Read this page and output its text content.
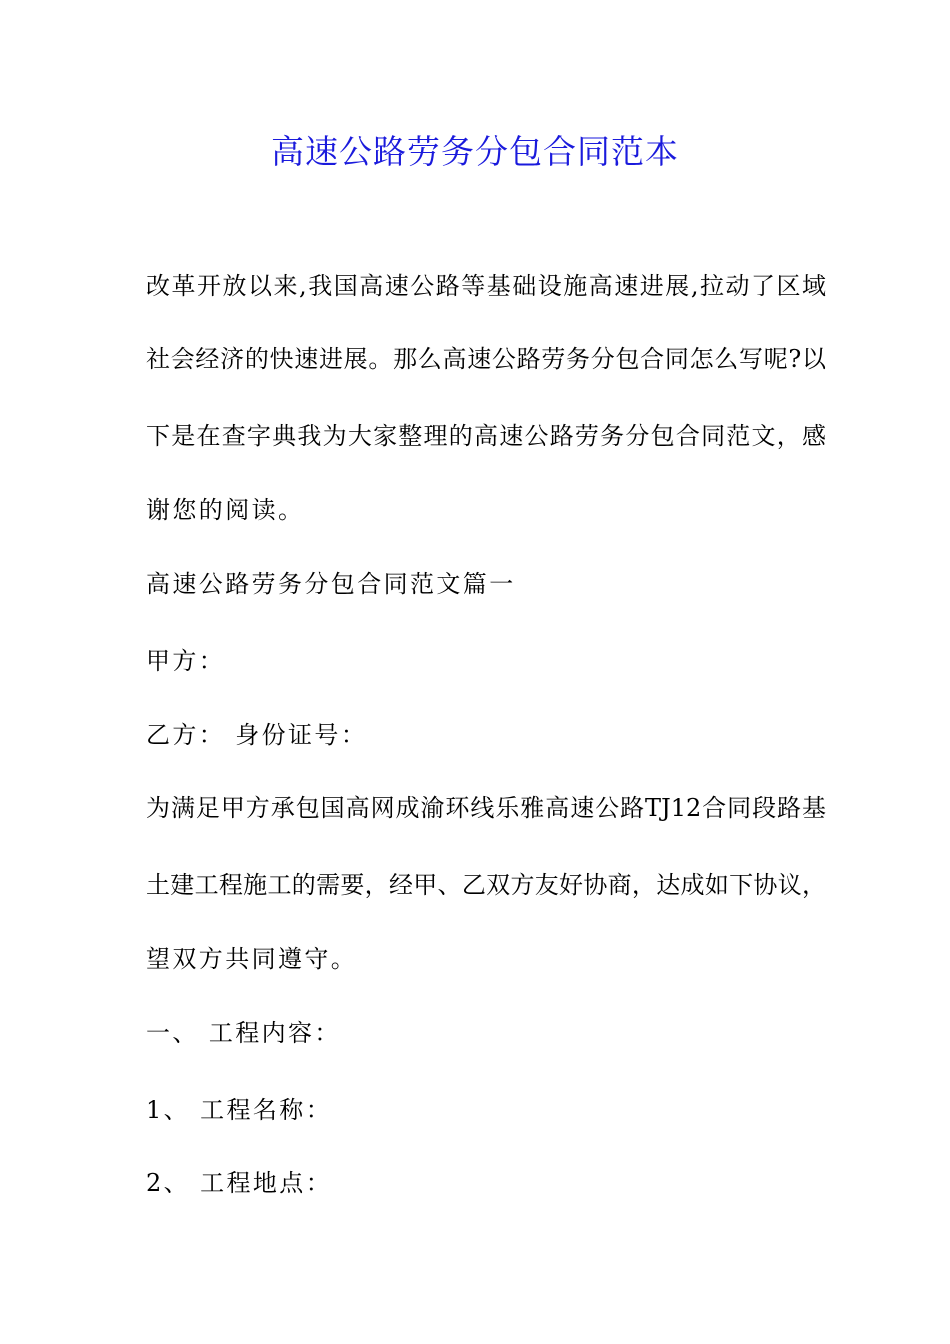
高速公路劳务分包合同范本
改革开放以来,我国高速公路等基础设施高速进展,拉动了区域
社会经济的快速进展。那么高速公路劳务分包合同怎么写呢?以
下是在查字典我为大家整理的高速公路劳务分包合同范文，感
谢您的阅读。
高速公路劳务分包合同范文篇一
甲方：
乙方： 身份证号：
为满足甲方承包国高网成渝环线乐雅高速公路TJ12合同段路基
土建工程施工的需要，经甲、乙双方友好协商，达成如下协议，
望双方共同遵守。
一、 工程内容：
1、 工程名称：
2、 工程地点：
